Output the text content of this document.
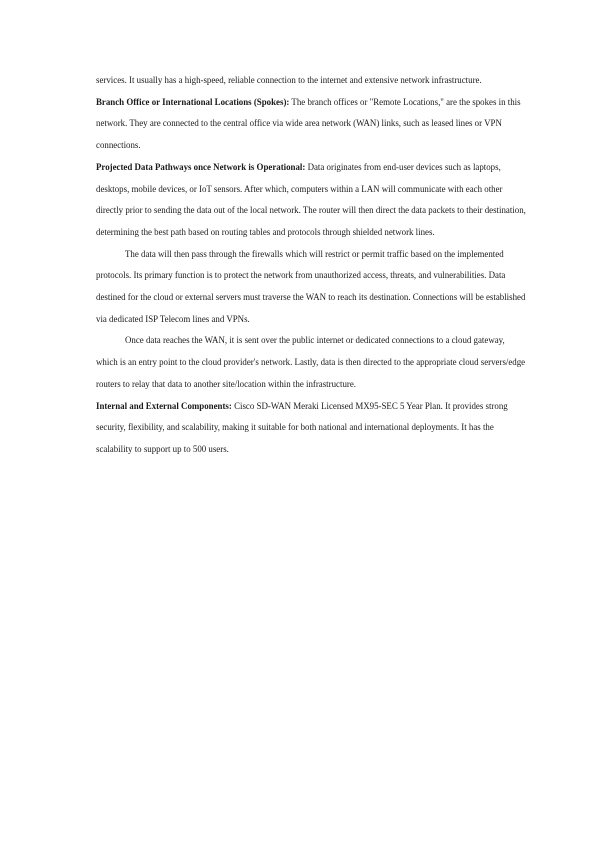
services. It usually has a high-speed, reliable connection to the internet and extensive network infrastructure.

Branch Office or International Locations (Spokes): The branch offices or "Remote Locations," are the spokes in this network. They are connected to the central office via wide area network (WAN) links, such as leased lines or VPN connections.

Projected Data Pathways once Network is Operational: Data originates from end-user devices such as laptops, desktops, mobile devices, or IoT sensors. After which, computers within a LAN will communicate with each other directly prior to sending the data out of the local network. The router will then direct the data packets to their destination, determining the best path based on routing tables and protocols through shielded network lines.

The data will then pass through the firewalls which will restrict or permit traffic based on the implemented protocols. Its primary function is to protect the network from unauthorized access, threats, and vulnerabilities. Data destined for the cloud or external servers must traverse the WAN to reach its destination. Connections will be established via dedicated ISP Telecom lines and VPNs.

Once data reaches the WAN, it is sent over the public internet or dedicated connections to a cloud gateway, which is an entry point to the cloud provider's network. Lastly, data is then directed to the appropriate cloud servers/edge routers to relay that data to another site/location within the infrastructure.

Internal and External Components: Cisco SD-WAN Meraki Licensed MX95-SEC 5 Year Plan. It provides strong security, flexibility, and scalability, making it suitable for both national and international deployments. It has the scalability to support up to 500 users.
